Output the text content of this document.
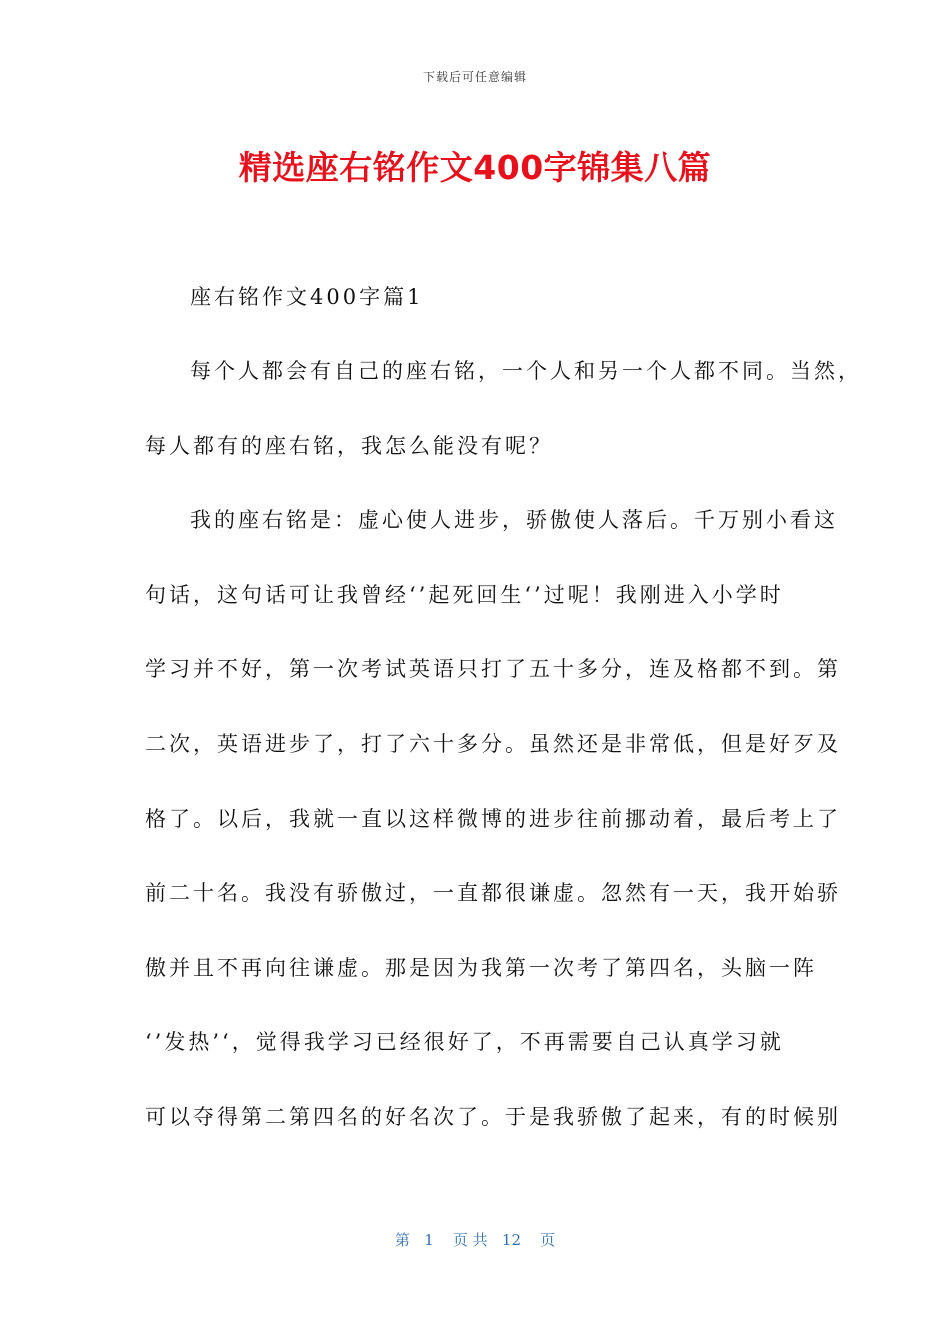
下载后可任意编辑
精选座右铭作文400字锦集八篇
座右铭作文400字篇1
每个人都会有自己的座右铭，一个人和另一个人都不同。当然，
每人都有的座右铭，我怎么能没有呢？
我的座右铭是：虚心使人进步，骄傲使人落后。千万别小看这
句话，这句话可让我曾经‘’起死回生‘’过呢！我刚进入小学时
学习并不好，第一次考试英语只打了五十多分，连及格都不到。第
二次，英语进步了，打了六十多分。虽然还是非常低，但是好歹及
格了。以后，我就一直以这样微博的进步往前挪动着，最后考上了
前二十名。我没有骄傲过，一直都很谦虚。忽然有一天，我开始骄
傲并且不再向往谦虚。那是因为我第一次考了第四名，头脑一阵
‘’发热’‘，觉得我学习已经很好了，不再需要自己认真学习就
可以夺得第二第四名的好名次了。于是我骄傲了起来，有的时候别
第   1    页 共   12    页
